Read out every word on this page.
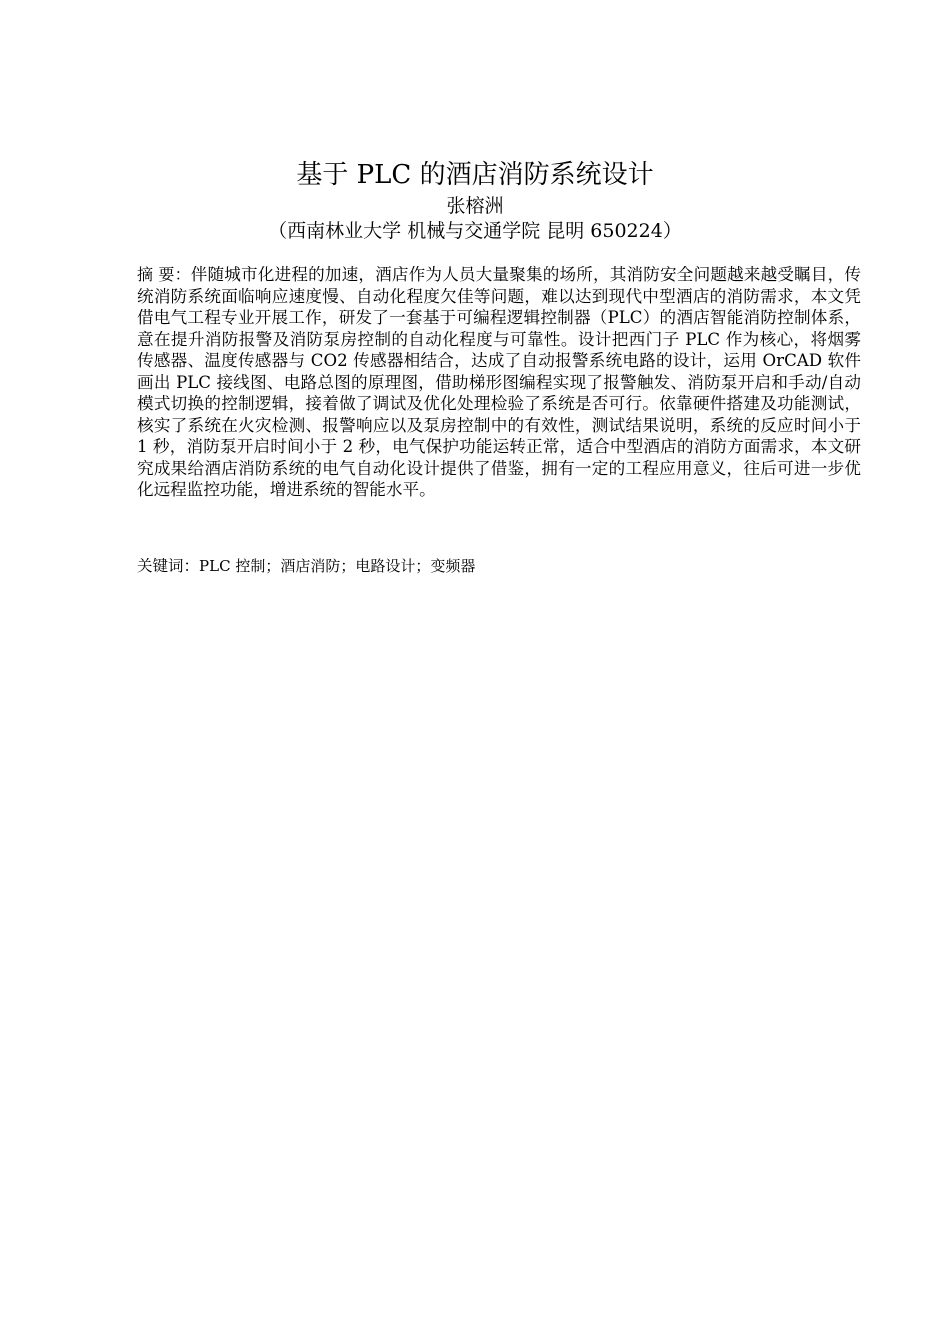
基于 PLC 的酒店消防系统设计
张榕洲
（西南林业大学 机械与交通学院 昆明 650224）

摘 要：伴随城市化进程的加速，酒店作为人员大量聚集的场所，其消防安全问题越来越受瞩目，传统消防系统面临响应速度慢、自动化程度欠佳等问题，难以达到现代中型酒店的消防需求，本文凭借电气工程专业开展工作，研发了一套基于可编程逻辑控制器（PLC）的酒店智能消防控制体系，意在提升消防报警及消防泵房控制的自动化程度与可靠性。设计把西门子 PLC 作为核心，将烟雾传感器、温度传感器与 CO2 传感器相结合，达成了自动报警系统电路的设计，运用 OrCAD 软件画出 PLC 接线图、电路总图的原理图，借助梯形图编程实现了报警触发、消防泵开启和手动/自动模式切换的控制逻辑，接着做了调试及优化处理检验了系统是否可行。依靠硬件搭建及功能测试，核实了系统在火灾检测、报警响应以及泵房控制中的有效性，测试结果说明，系统的反应时间小于 1 秒，消防泵开启时间小于 2 秒，电气保护功能运转正常，适合中型酒店的消防方面需求，本文研究成果给酒店消防系统的电气自动化设计提供了借鉴，拥有一定的工程应用意义，往后可进一步优化远程监控功能，增进系统的智能水平。

关键词：PLC 控制；酒店消防；电路设计；变频器
